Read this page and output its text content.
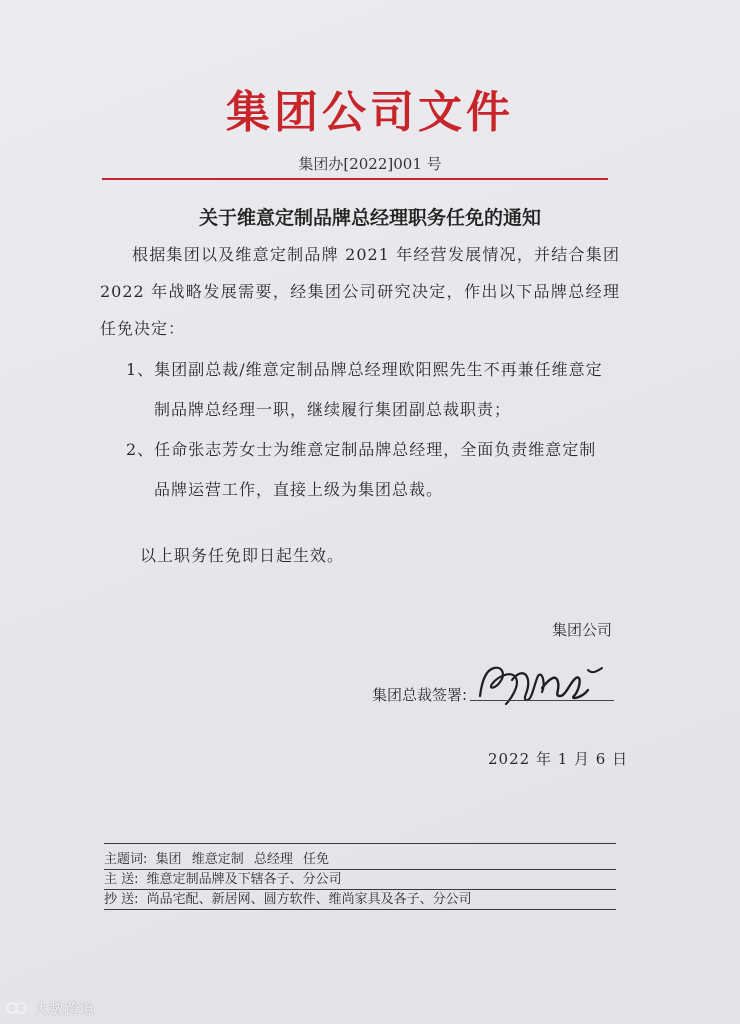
集团公司文件
集团办[2022]001 号
关于维意定制品牌总经理职务任免的通知
根据集团以及维意定制品牌 2021 年经营发展情况，并结合集团 2022 年战略发展需要，经集团公司研究决定，作出以下品牌总经理任免决定：
1、集团副总裁/维意定制品牌总经理欧阳熙先生不再兼任维意定制品牌总经理一职，继续履行集团副总裁职责；
2、任命张志芳女士为维意定制品牌总经理，全面负责维意定制品牌运营工作，直接上级为集团总裁。
以上职务任免即日起生效。
集团公司
集团总裁签署:
2022 年 1 月 6 日
主题词: 集团 维意定制 总经理 任免
主 送: 维意定制品牌及下辖各子、分公司
抄 送: 尚品宅配、新居网、圆方软件、维尚家具及各子、分公司
大數跨境
